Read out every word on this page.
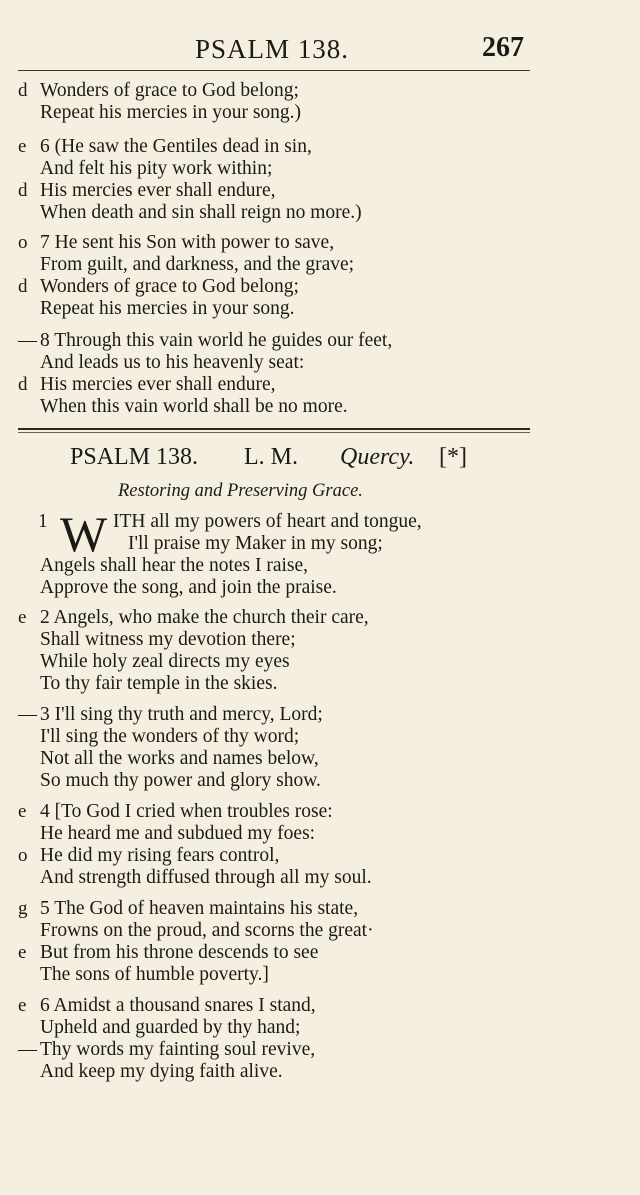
PSALM 138.	267
d Wonders of grace to God belong;
Repeat his mercies in your song.)
e 6 (He saw the Gentiles dead in sin,
And felt his pity work within;
d His mercies ever shall endure,
When death and sin shall reign no more.)
o 7 He sent his Son with power to save,
From guilt, and darkness, and the grave;
d Wonders of grace to God belong;
Repeat his mercies in your song.
— 8 Through this vain world he guides our feet,
And leads us to his heavenly seat:
d His mercies ever shall endure,
When this vain world shall be no more.
PSALM 138. L. M. Quercy. [*]
Restoring and Preserving Grace.
1 W ITH all my powers of heart and tongue,
I'll praise my Maker in my song;
Angels shall hear the notes I raise,
Approve the song, and join the praise.
e 2 Angels, who make the church their care,
Shall witness my devotion there;
While holy zeal directs my eyes
To thy fair temple in the skies.
— 3 I'll sing thy truth and mercy, Lord;
I'll sing the wonders of thy word;
Not all the works and names below,
So much thy power and glory show.
e 4 [To God I cried when troubles rose:
He heard me and subdued my foes:
o He did my rising fears control,
And strength diffused through all my soul.
g 5 The God of heaven maintains his state,
Frowns on the proud, and scorns the great·
e But from his throne descends to see
The sons of humble poverty.]
e 6 Amidst a thousand snares I stand,
Upheld and guarded by thy hand;
— Thy words my fainting soul revive,
And keep my dying faith alive.
